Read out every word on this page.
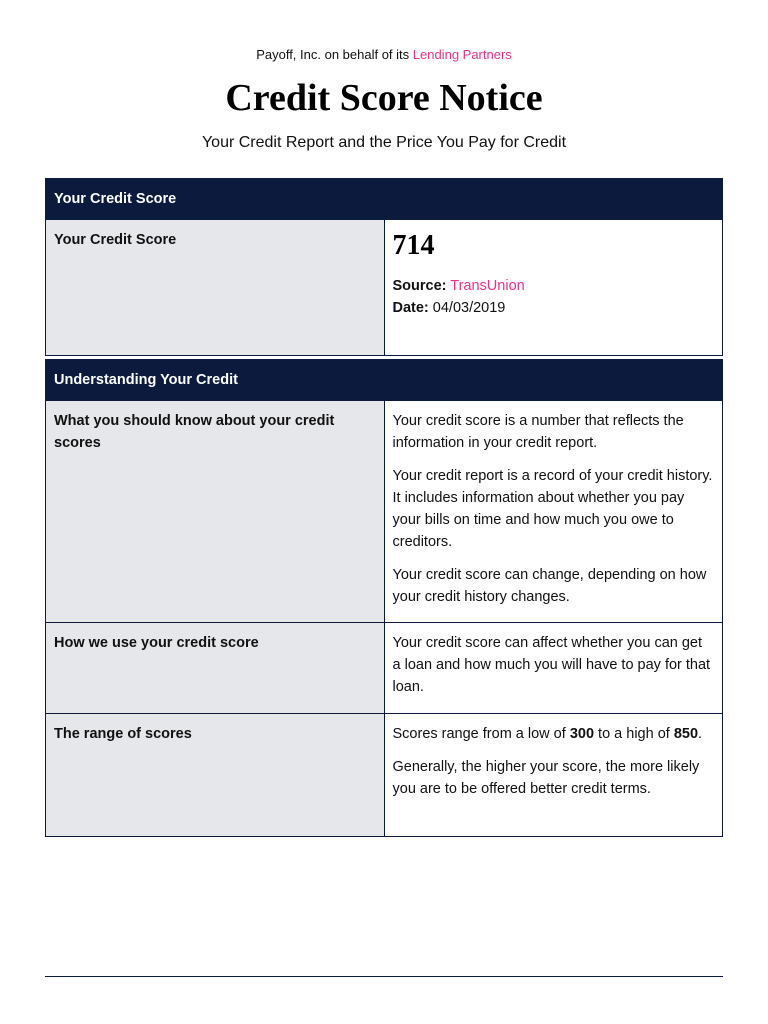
Payoff, Inc. on behalf of its Lending Partners
Credit Score Notice
Your Credit Report and the Price You Pay for Credit
Your Credit Score
Your Credit Score	714
Source: TransUnion
Date: 04/03/2019
Understanding Your Credit	
What you should know about your credit scores	Your credit score is a number that reflects the information in your credit report.

Your credit report is a record of your credit history. It includes information about whether you pay your bills on time and how much you owe to creditors.

Your credit score can change, depending on how your credit history changes.

How we use your credit score	Your credit score can affect whether you can get a loan and how much you will have to pay for that loan.

The range of scores	Scores range from a low of 300 to a high of 850.

Generally, the higher your score, the more likely you are to be offered better credit terms.
